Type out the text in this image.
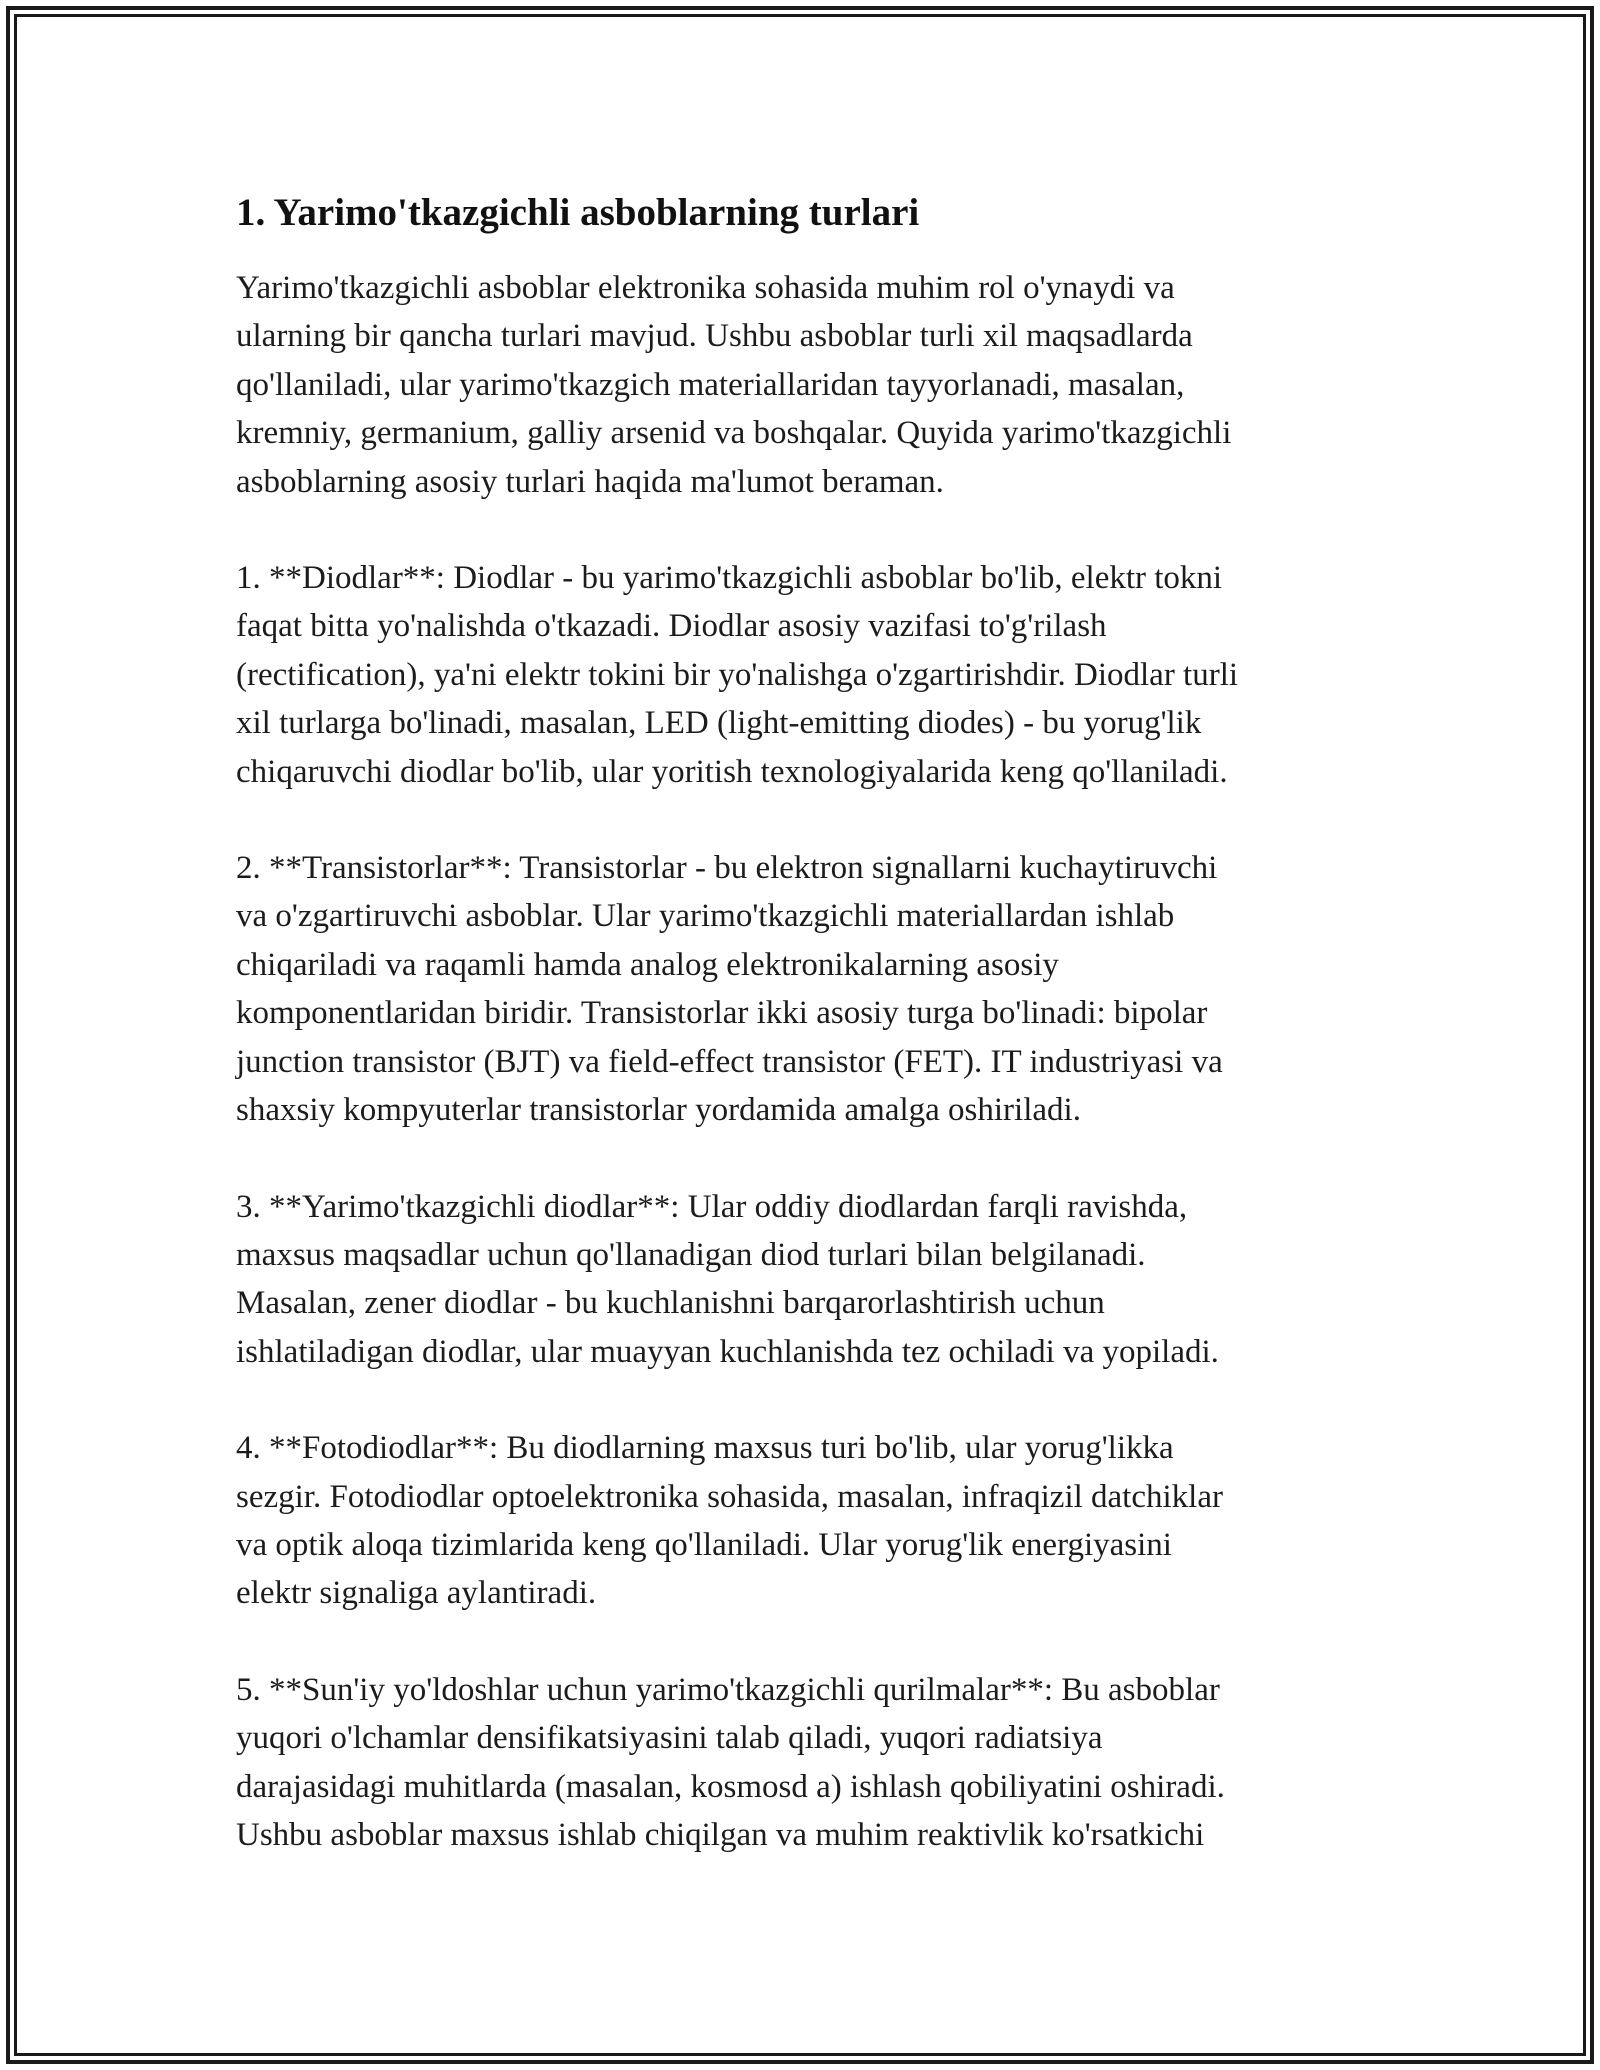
1. Yarimo'tkazgichli asboblarning turlari
Yarimo'tkazgichli asboblar elektronika sohasida muhim rol o'ynaydi va
ularning bir qancha turlari mavjud. Ushbu asboblar turli xil maqsadlarda
qo'llaniladi, ular yarimo'tkazgich materiallaridan tayyorlanadi, masalan,
kremniy, germanium, galliy arsenid va boshqalar. Quyida yarimo'tkazgichli
asboblarning asosiy turlari haqida ma'lumot beraman.
1. **Diodlar**: Diodlar - bu yarimo'tkazgichli asboblar bo'lib, elektr tokni
faqat bitta yo'nalishda o'tkazadi. Diodlar asosiy vazifasi to'g'rilash
(rectification), ya'ni elektr tokini bir yo'nalishga o'zgartirishdir. Diodlar turli
xil turlarga bo'linadi, masalan, LED (light-emitting diodes) - bu yorug'lik
chiqaruvchi diodlar bo'lib, ular yoritish texnologiyalarida keng qo'llaniladi.
2. **Transistorlar**: Transistorlar - bu elektron signallarni kuchaytiruvchi
va o'zgartiruvchi asboblar. Ular yarimo'tkazgichli materiallardan ishlab
chiqariladi va raqamli hamda analog elektronikalarning asosiy
komponentlaridan biridir. Transistorlar ikki asosiy turga bo'linadi: bipolar
junction transistor (BJT) va field-effect transistor (FET). IT industriyasi va
shaxsiy kompyuterlar transistorlar yordamida amalga oshiriladi.
3. **Yarimo'tkazgichli diodlar**: Ular oddiy diodlardan farqli ravishda,
maxsus maqsadlar uchun qo'llanadigan diod turlari bilan belgilanadi.
Masalan, zener diodlar - bu kuchlanishni barqarorlashtirish uchun
ishlatiladigan diodlar, ular muayyan kuchlanishda tez ochiladi va yopiladi.
4. **Fotodiodlar**: Bu diodlarning maxsus turi bo'lib, ular yorug'likka
sezgir. Fotodiodlar optoelektronika sohasida, masalan, infraqizil datchiklar
va optik aloqa tizimlarida keng qo'llaniladi. Ular yorug'lik energiyasini
elektr signaliga aylantiradi.
5. **Sun'iy yo'ldoshlar uchun yarimo'tkazgichli qurilmalar**: Bu asboblar
yuqori o'lchamlar densifikatsiyasini talab qiladi, yuqori radiatsiya
darajasidagi muhitlarda (masalan, kosmosd a) ishlash qobiliyatini oshiradi.
Ushbu asboblar maxsus ishlab chiqilgan va muhim reaktivlik ko'rsatkichi
